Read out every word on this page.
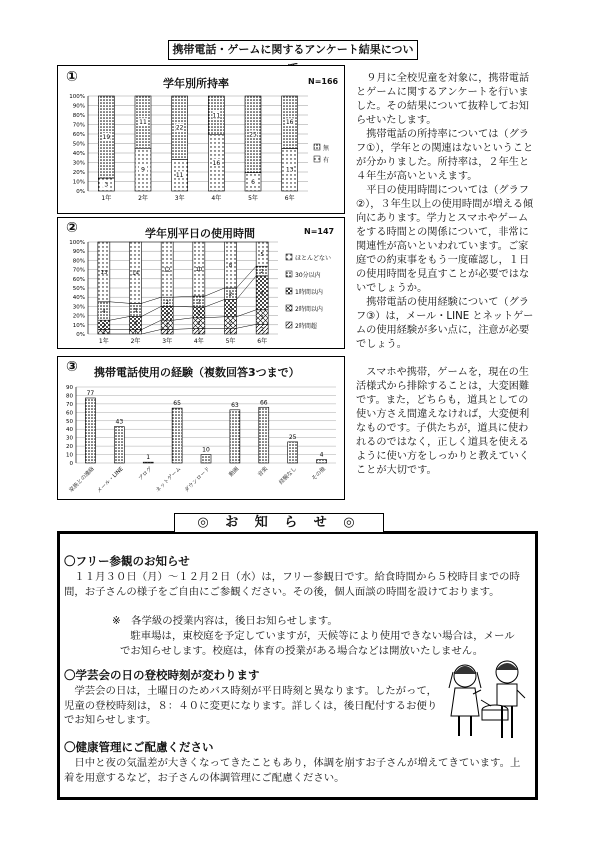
携帯電話・ゲームに関するアンケート結果につい
①	学年別所持率	N=166
0%
10%
20%
30%
40%
50%
60%
70%
80%
90%
100%
3
19
1年
9
11
2年
11
22
3年
16
11
4年
6
25
5年
13
16
6年
無
有
②	学年別平日の使用時間	N=147
0%
10%
20%
30%
40%
50%
60%
70%
80%
90%
100%
1
2
4
13
1年
1
3
3
14
2年
1
2
3
2
12
3年
1
2
2
2
10
4年
1
2
3
2
8
5年
2
3
7
2
5
6年
ほとんどない
30分以内
1時間以内
2時間以内
2時間超
③ 携帯電話使用の経験（複数回答3つまで）
0
10
20
30
40
50
60
70
80
90
77
家族との連絡
43
メール・LINE
1
ブログ
65
ネットゲーム
10
ダウンロード
63
動画
66
音楽
25
経験なし
4
その他

９月に全校児童を対象に，携帯電話とゲームに関するアンケートを行いました。その結果について抜粋してお知らせいたします。

携帯電話の所持率については（グラフ①），学年との関連はないということが分かりました。所持率は，２年生と４年生が高いといえます。

平日の使用時間については（グラフ②），３年生以上の使用時間が増える傾向にあります。学力とスマホやゲームをする時間との関係について，非常に関連性が高いといわれています。ご家庭での約束事をもう一度確認し，１日の使用時間を見直すことが必要ではないでしょうか。

携帯電話の使用経験について（グラフ③）は，メール・LINE とネットゲームの使用経験が多い点に，注意が必要でしょう。

スマホや携帯，ゲームを，現在の生活様式から排除することは，大変困難です。また，どちらも，道具としての使い方さえ間違えなければ，大変便利なものです。子供たちが，道具に使われるのではなく，正しく道具を使えるように使い方をしっかりと教えていくことが大切です。

◎ お 知 ら せ ◎
〇フリー参観のお知らせ
１１月３０日（月）～１２月２日（水）は，フリー参観日です。給食時間から５校時目までの時間，お子さんの様子をご自由にご参観ください。その後，個人面談の時間を設けております。
※　各学級の授業内容は，後日お知らせします。
駐車場は，東校庭を予定していますが，天候等により使用できない場合は，メールでお知らせします。校庭は，体育の授業がある場合などは開放いたしません。
〇学芸会の日の登校時刻が変わります
学芸会の日は，土曜日のためバス時刻が平日時刻と異なります。したがって，児童の登校時刻は，８：４０に変更になります。詳しくは，後日配付するお便りでお知らせします。
〇健康管理にご配慮ください
日中と夜の気温差が大きくなってきたこともあり，体調を崩すお子さんが増えてきています。上着を用意するなど，お子さんの体調管理にご配慮ください。
